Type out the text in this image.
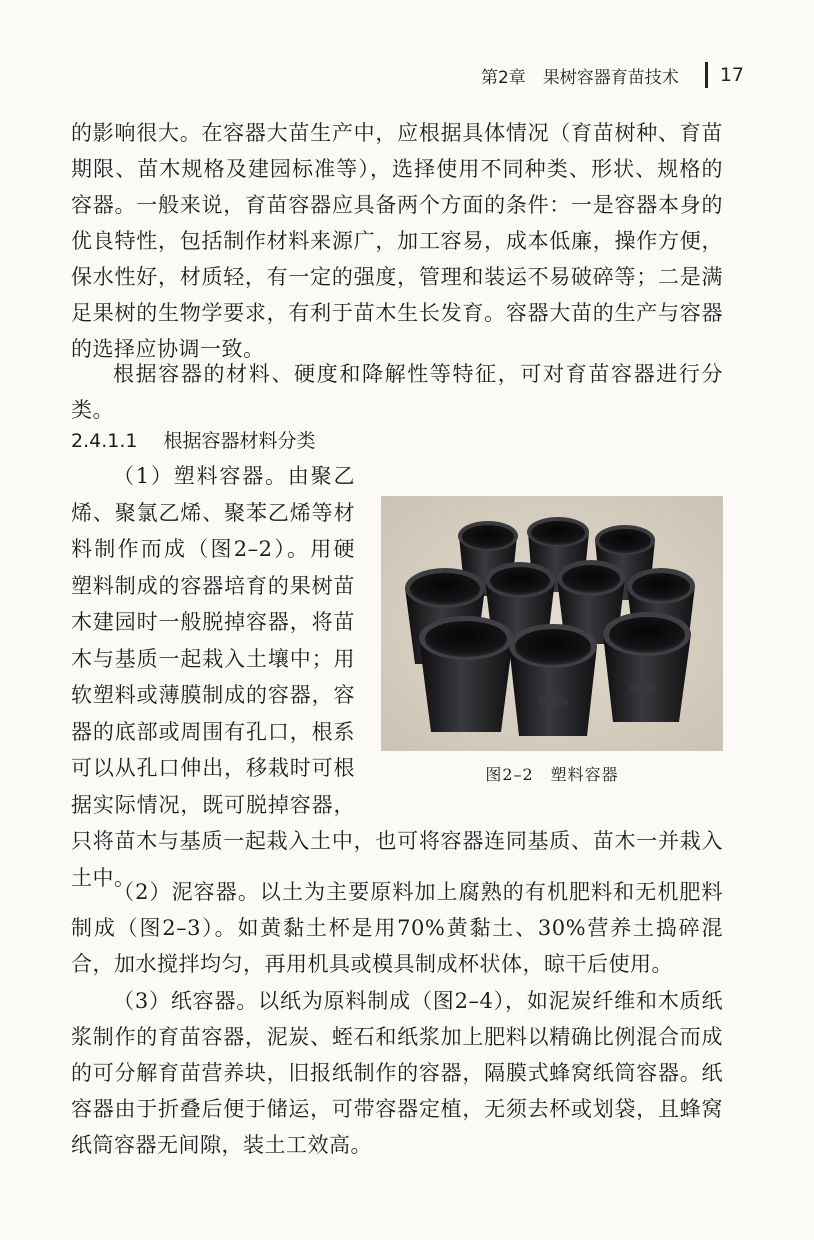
第2章　果树容器育苗技术 17
的影响很大。在容器大苗生产中，应根据具体情况（育苗树种、育苗期限、苗木规格及建园标准等），选择使用不同种类、形状、规格的容器。一般来说，育苗容器应具备两个方面的条件：一是容器本身的优良特性，包括制作材料来源广，加工容易，成本低廉，操作方便，保水性好，材质轻，有一定的强度，管理和装运不易破碎等；二是满足果树的生物学要求，有利于苗木生长发育。容器大苗的生产与容器的选择应协调一致。
根据容器的材料、硬度和降解性等特征，可对育苗容器进行分类。
2.4.1.1 根据容器材料分类
图2–2　塑料容器
（1）塑料容器。由聚乙烯、聚氯乙烯、聚苯乙烯等材料制作而成（图2–2）。用硬塑料制成的容器培育的果树苗木建园时一般脱掉容器，将苗木与基质一起栽入土壤中；用软塑料或薄膜制成的容器，容器的底部或周围有孔口，根系可以从孔口伸出，移栽时可根据实际情况，既可脱掉容器，只将苗木与基质一起栽入土中，也可将容器连同基质、苗木一并栽入土中。
（2）泥容器。以土为主要原料加上腐熟的有机肥料和无机肥料制成（图2–3）。如黄黏土杯是用70%黄黏土、30%营养土捣碎混合，加水搅拌均匀，再用机具或模具制成杯状体，晾干后使用。
（3）纸容器。以纸为原料制成（图2–4），如泥炭纤维和木质纸浆制作的育苗容器，泥炭、蛭石和纸浆加上肥料以精确比例混合而成的可分解育苗营养块，旧报纸制作的容器，隔膜式蜂窝纸筒容器。纸容器由于折叠后便于储运，可带容器定植，无须去杯或划袋，且蜂窝纸筒容器无间隙，装土工效高。
